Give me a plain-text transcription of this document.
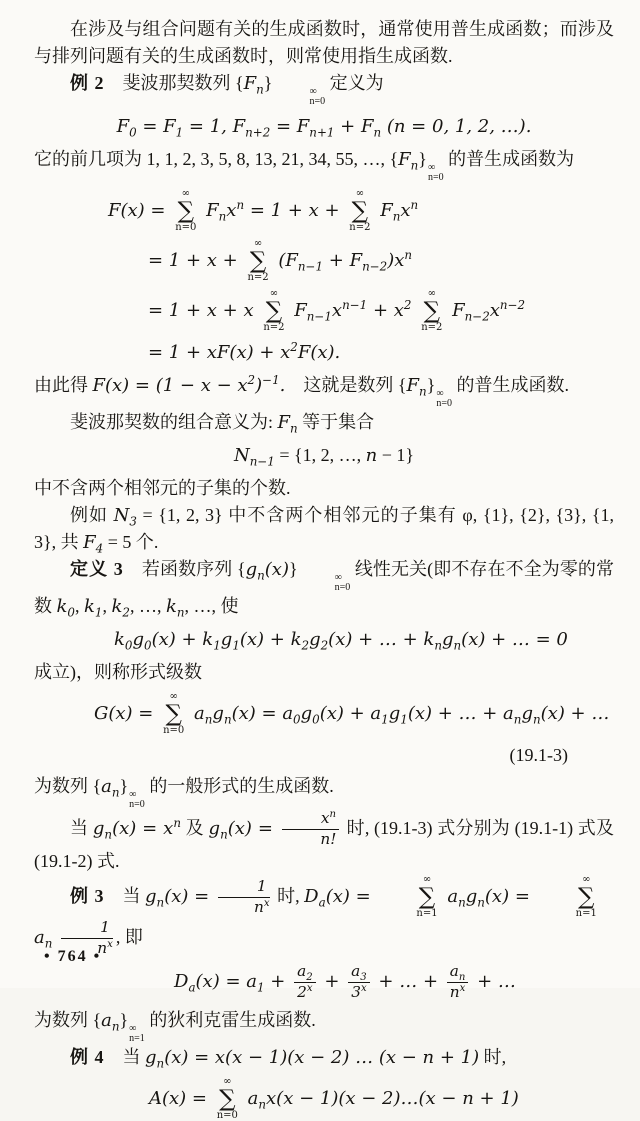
在涉及与组合问题有关的生成函数时，通常使用普生成函数；而涉及与排列问题有关的生成函数时，则常使用指生成函数.

例 2　斐波那契数列 $\{F_n\}$	∞
n=0
定义为

$F_0 = F_1 = 1$, $F_{n+2} = F_{n+1} + F_n$ (n = 0, 1, 2, …).

它的前几项为 1, 1, 2, 3, 5, 8, 13, 21, 34, 55, …, $\{F_n\}$ ∞
n=0
的普生成函数为

F(x) =
∞
∑
n=0
$F_nx^n = 1 + x$ +
∞
∑
n=2
$F_nx^n$
= 1 + x +
∞
∑
n=2
$(F_{n-1} + F_{n-2})x^n$
= 1 + x + x
∞
∑
n=2
$F_{n-1}x^{n-1} + x^2$
∞
∑
n=2
$F_{n-2}x^{n-2}$
= $1 + xF(x) + x^2F(x)$.

由此得 $F(x) = (1 - x - x^2)^{-1}$.　这就是数列 $\{F_n\}$ ∞
n=0
的普生成函数.

斐波那契数的组合意义为: $F_n$ 等于集合

$N_{n-1} = \{1$, 2, …, n − 1}

中不含两个相邻元的子集的个数.

例如 $N_3 = \{1$, 2, 3} 中不含两个相邻元的子集有 φ, {1}, {2}, {3}, {1, 3}, 共 $F_4 = 5$ 个.

定义 3　若函数序列 $\{g_n(x)\}$	∞
n=0
线性无关(即不存在不全为零的常数 $k_0$, $k_1$, $k_2$, …, $k_n$, …, 使

$k_0g_0(x) + k_1g_1(x) + k_2g_2(x)$ + … + $k_ng_n(x)$ + … = 0

成立)，则称形式级数

G(x) =
∞
∑
n=0
$a_ng_n(x) = a_0g_0(x) + a_1g_1(x)$ + … + $a_ng_n(x)$ + …
(19.1-3)

为数列 $\{a_n\}$ ∞
n=0
的一般形式的生成函数.

当 $g_n(x) = x^n$ 及 $g_n(x) = \frac{x^n}{n!}$ 时, (19.1-3) 式分别为 (19.1-1) 式及 (19.1-2) 式.

例 3　当 $g_n(x) = \frac{1}{n^x}$ 时, $D_a(x)$ =
∞
∑
n=1
$a_ng_n(x)$ =
∞
∑
n=1
$a_n \frac{1}{n^x}$ , 即

$D_a(x) = a_1 + \frac{a_2}{2^x} + \frac{a_3}{3^x}$ + … + $\frac{a_n}{n^x}$ + …

为数列 $\{a_n\}$ ∞
n=1
的狄利克雷生成函数.

例 4　当 $g_n(x) = x(x - 1)(x - 2)$ … (x − n + 1) 时,

A(x) =
∞
∑
n=0
$a_nx(x - 1)(x$ − 2)…(x − n + 1)
• 764 •
